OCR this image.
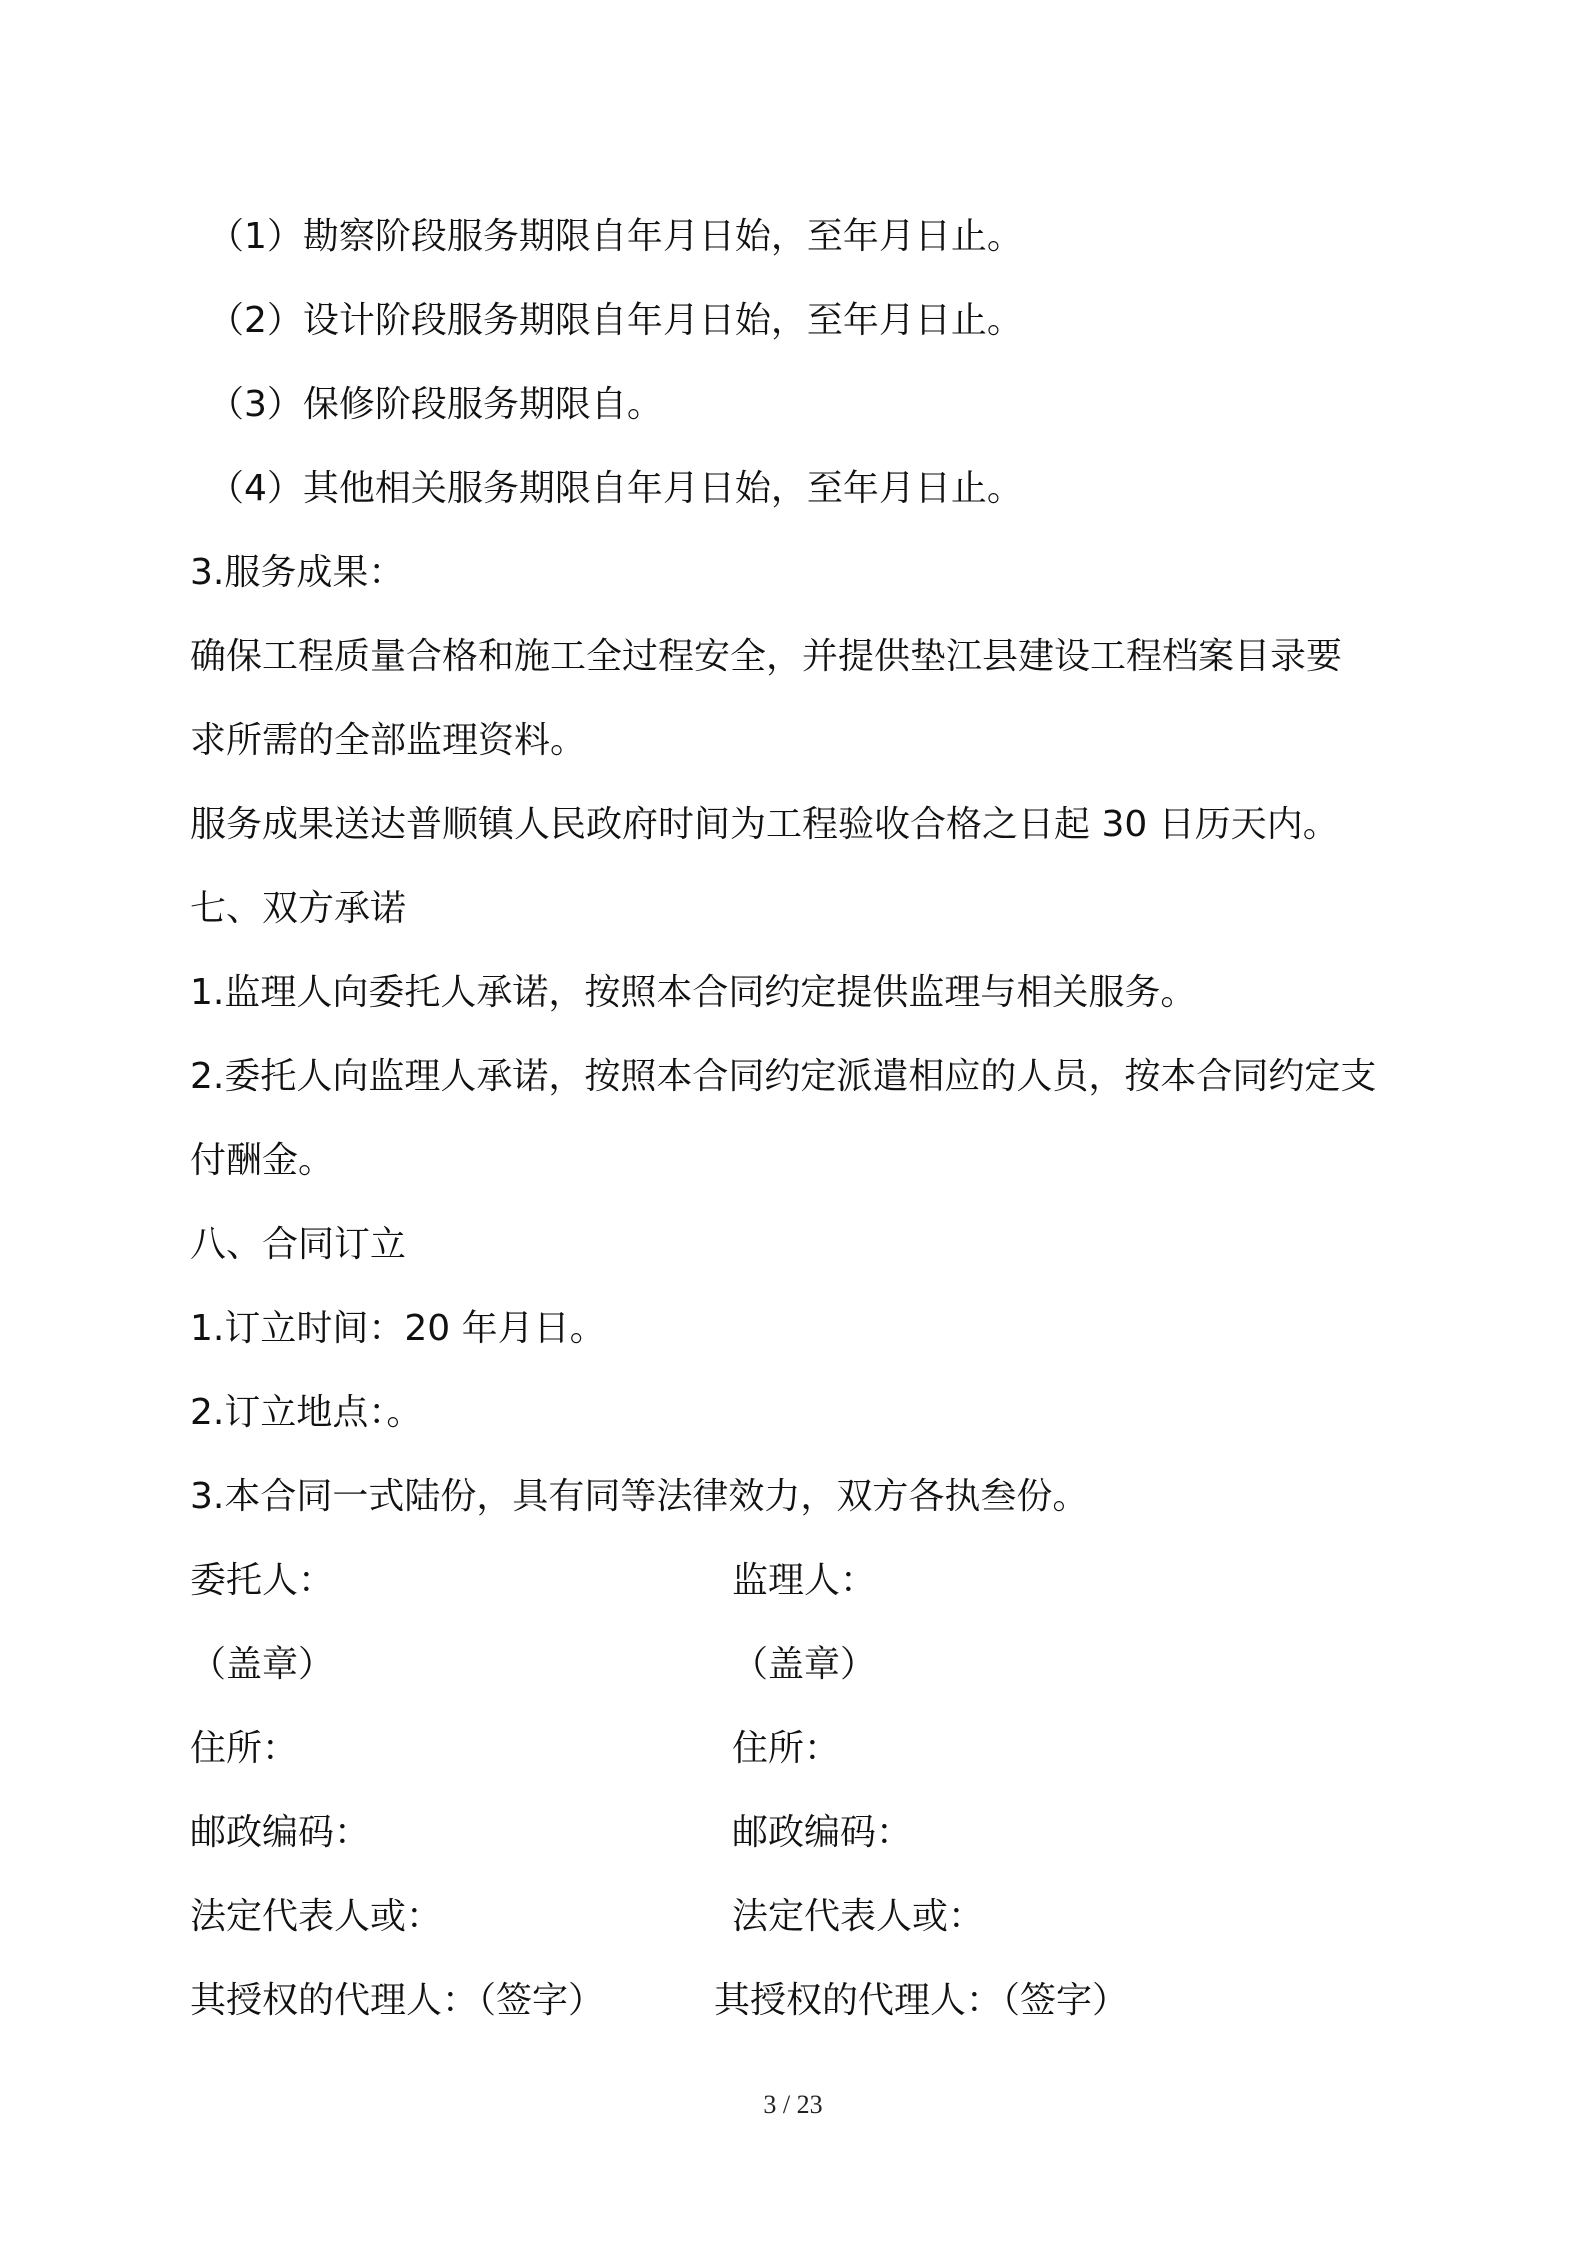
（1）勘察阶段服务期限自年月日始，至年月日止。
（2）设计阶段服务期限自年月日始，至年月日止。
（3）保修阶段服务期限自。
（4）其他相关服务期限自年月日始，至年月日止。
3.服务成果：
确保工程质量合格和施工全过程安全，并提供垫江县建设工程档案目录要
求所需的全部监理资料。
服务成果送达普顺镇人民政府时间为工程验收合格之日起 30 日历天内。
七、双方承诺
1.监理人向委托人承诺，按照本合同约定提供监理与相关服务。
2.委托人向监理人承诺，按照本合同约定派遣相应的人员，按本合同约定支
付酬金。
八、合同订立
1.订立时间：20 年月日。
2.订立地点：。
3.本合同一式陆份，具有同等法律效力，双方各执叁份。
委托人：	监理人：
（盖章）	（盖章）
住所：	住所：
邮政编码：	邮政编码：
法定代表人或：	法定代表人或：
其授权的代理人：（签字）	其授权的代理人：（签字）
3 / 23
